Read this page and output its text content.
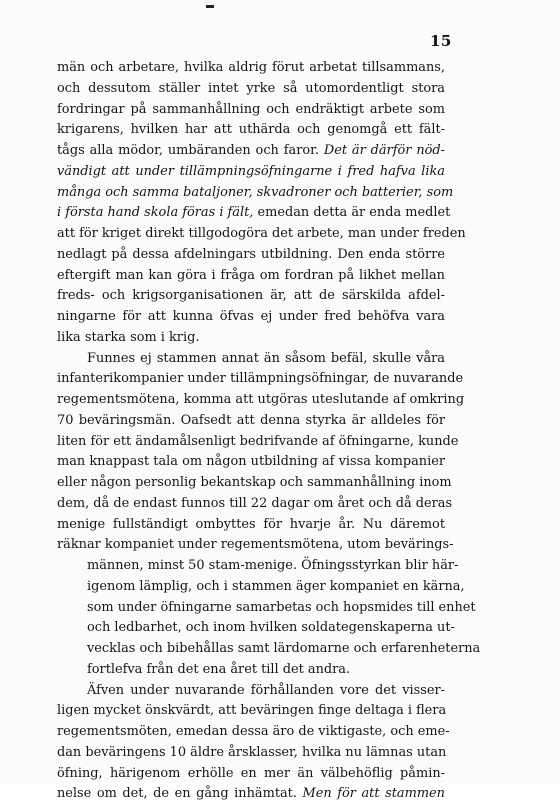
15
män och arbetare, hvilka aldrig förut arbetat tillsammans,
och dessutom ställer intet yrke så utomordentligt stora
fordringar på sammanhållning och endräktigt arbete som
krigarens, hvilken har att uthärda och genomgå ett fält-
tågs alla mödor, umbäranden och faror. Det är därför nöd-
vändigt att under tillämpningsöfningarne i fred hafva lika
många och samma bataljoner, skvadroner och batterier, som
i första hand skola föras i fält, emedan detta är enda medlet
att för kriget direkt tillgodogöra det arbete, man under freden
nedlagt på dessa afdelningars utbildning. Den enda större
eftergift man kan göra i fråga om fordran på likhet mellan
freds- och krigsorganisationen är, att de särskilda afdel-
ningarne för att kunna öfvas ej under fred behöfva vara
lika starka som i krig.
Funnes ej stammen annat än såsom befäl, skulle våra
infanterikompanier under tillämpningsöfningar, de nuvarande
regementsmötena, komma att utgöras uteslutande af omkring
70 beväringsmän. Oafsedt att denna styrka är alldeles för
liten för ett ändamålsenligt bedrifvande af öfningarne, kunde
man knappast tala om någon utbildning af vissa kompanier
eller någon personlig bekantskap och sammanhållning inom
dem, då de endast funnos till 22 dagar om året och då deras
menige fullständigt ombyttes för hvarje år. Nu däremot
räknar kompaniet under regementsmötena, utom bevärings-
männen, minst 50 stam-menige. Öfningsstyrkan blir här-
igenom lämplig, och i stammen äger kompaniet en kärna,
som under öfningarne samarbetas och hopsmides till enhet
och ledbarhet, och inom hvilken soldategenskaperna ut-
vecklas och bibehållas samt lärdomarne och erfarenheterna
fortlefva från det ena året till det andra.
Äfven under nuvarande förhållanden vore det visser-
ligen mycket önskvärdt, att beväringen finge deltaga i flera
regementsmöten, emedan dessa äro de viktigaste, och eme-
dan beväringens 10 äldre årsklasser, hvilka nu lämnas utan
öfning, härigenom erhölle en mer än välbehöflig påmin-
nelse om det, de en gång inhämtat. Men för att stammen
